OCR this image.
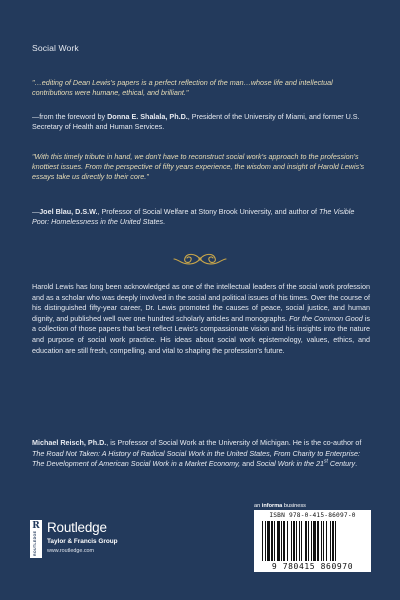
Social Work

"…editing of Dean Lewis's papers is a perfect reflection of the man…whose life and intellectual contributions were humane, ethical, and brilliant."

—from the foreword by Donna E. Shalala, Ph.D., President of the University of Miami, and former U.S. Secretary of Health and Human Services.

"With this timely tribute in hand, we don't have to reconstruct social work's approach to the profession's knottiest issues. From the perspective of fifty years experience, the wisdom and insight of Harold Lewis's essays take us directly to their core."

—Joel Blau, D.S.W., Professor of Social Welfare at Stony Brook University, and author of The Visible Poor: Homelessness in the United States.

Harold Lewis has long been acknowledged as one of the intellectual leaders of the social work profession and as a scholar who was deeply involved in the social and political issues of his times. Over the course of his distinguished fifty-year career, Dr. Lewis promoted the causes of peace, social justice, and human dignity, and published well over one hundred scholarly articles and monographs. For the Common Good is a collection of those papers that best reflect Lewis's compassionate vision and his insights into the nature and purpose of social work practice. His ideas about social work epistemology, values, ethics, and education are still fresh, compelling, and vital to shaping the profession's future.

Michael Reisch, Ph.D., is Professor of Social Work at the University of Michigan. He is the co-author of The Road Not Taken: A History of Radical Social Work in the United States, From Charity to Enterprise: The Development of American Social Work in a Market Economy, and Social Work in the 21st Century.

R
ROUTLEDGE
Routledge
Taylor & Francis Group
www.routledge.com
an informa business
ISBN 978-0-415-86097-0
9 780415 860970
